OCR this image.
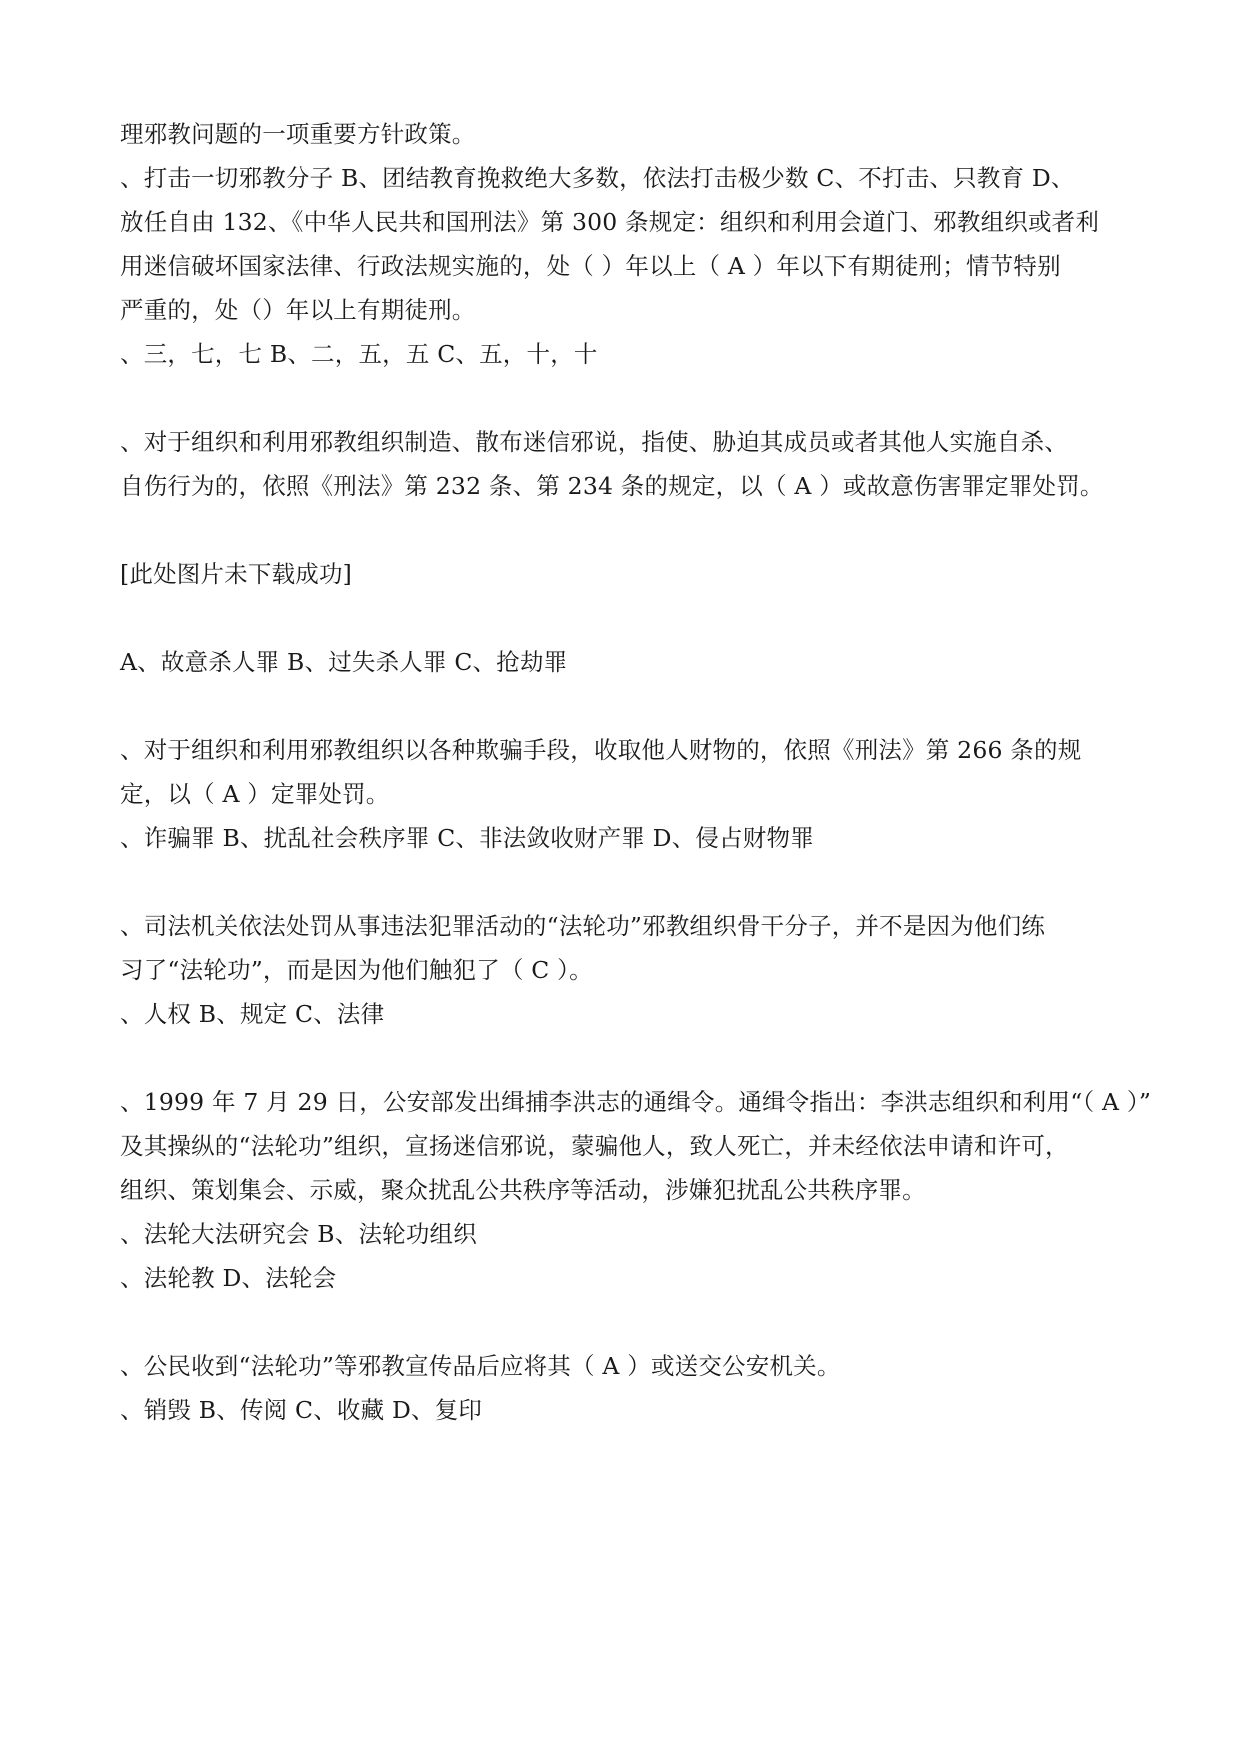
理邪教问题的一项重要方针政策。
、打击一切邪教分子 B、团结教育挽救绝大多数，依法打击极少数 C、不打击、只教育 D、
放任自由 132、《中华人民共和国刑法》第 300 条规定：组织和利用会道门、邪教组织或者利
用迷信破坏国家法律、行政法规实施的，处（ ）年以上（ A ）年以下有期徒刑；情节特别
严重的，处（）年以上有期徒刑。
、三，七，七 B、二，五，五 C、五，十，十
、对于组织和利用邪教组织制造、散布迷信邪说，指使、胁迫其成员或者其他人实施自杀、
自伤行为的，依照《刑法》第 232 条、第 234 条的规定，以（ A ）或故意伤害罪定罪处罚。
[此处图片未下载成功]
A、故意杀人罪 B、过失杀人罪 C、抢劫罪
、对于组织和利用邪教组织以各种欺骗手段，收取他人财物的，依照《刑法》第 266 条的规
定，以（ A ）定罪处罚。
、诈骗罪 B、扰乱社会秩序罪 C、非法敛收财产罪 D、侵占财物罪
、司法机关依法处罚从事违法犯罪活动的“法轮功”邪教组织骨干分子，并不是因为他们练
习了“法轮功”，而是因为他们触犯了（ C ）。
、人权 B、规定 C、法律
、1999 年 7 月 29 日，公安部发出缉捕李洪志的通缉令。通缉令指出：李洪志组织和利用“（ A ）”
及其操纵的“法轮功”组织，宣扬迷信邪说，蒙骗他人，致人死亡，并未经依法申请和许可，
组织、策划集会、示威，聚众扰乱公共秩序等活动，涉嫌犯扰乱公共秩序罪。
、法轮大法研究会 B、法轮功组织
、法轮教 D、法轮会
、公民收到“法轮功”等邪教宣传品后应将其（ A ）或送交公安机关。
、销毁 B、传阅 C、收藏 D、复印
